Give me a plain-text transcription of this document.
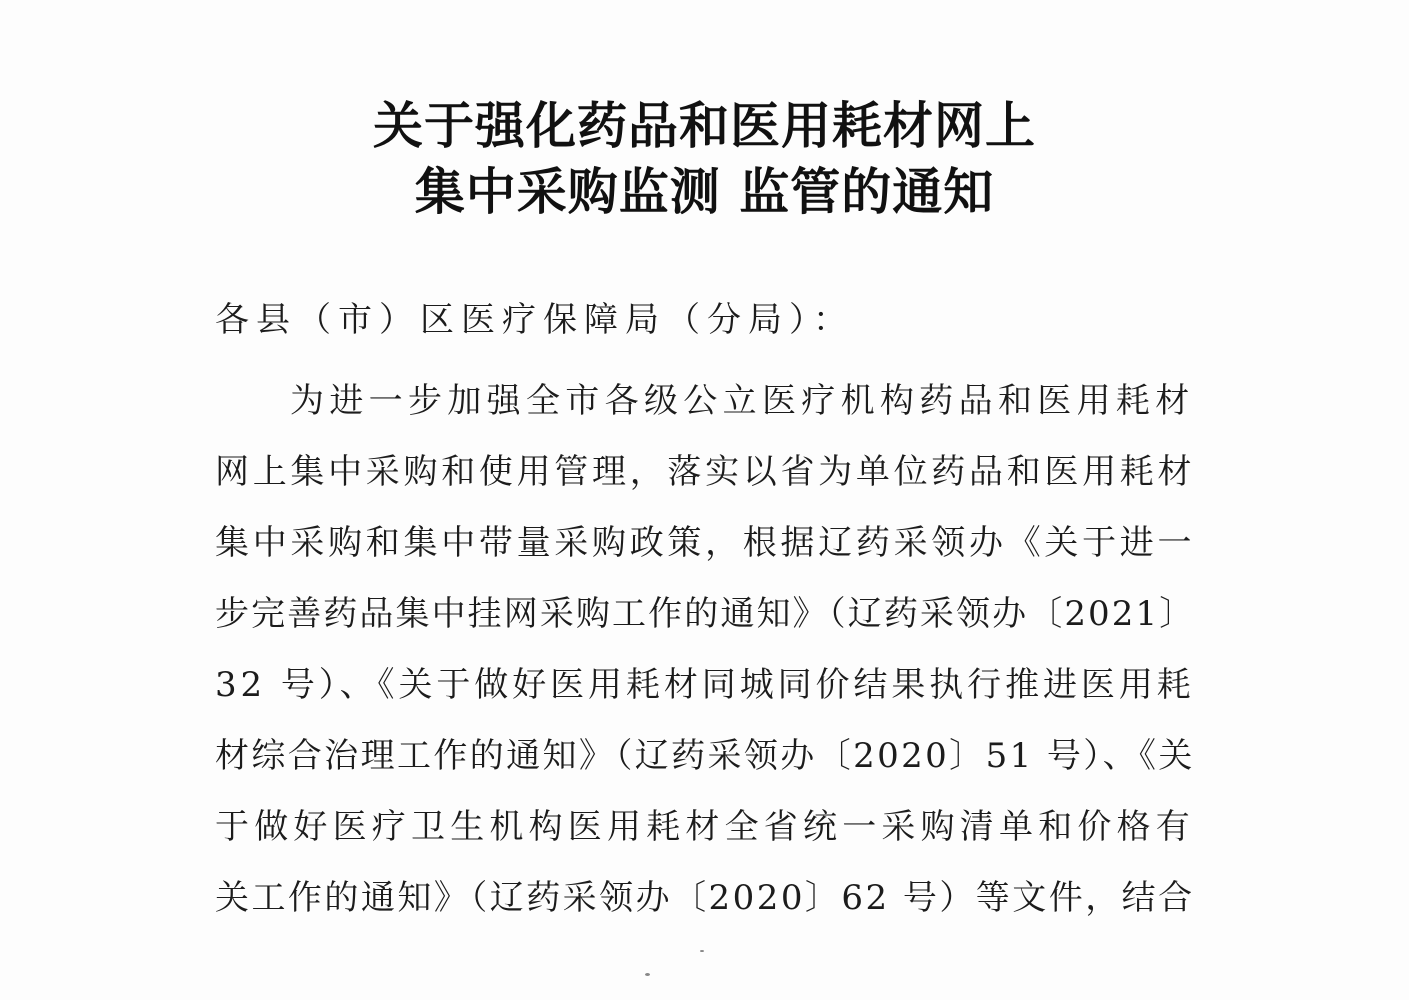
关于强化药品和医用耗材网上
集中采购监测 监管的通知
各县（市）区医疗保障局（分局）：
为进一步加强全市各级公立医疗机构药品和医用耗材
网上集中采购和使用管理，落实以省为单位药品和医用耗材
集中采购和集中带量采购政策，根据辽药采领办《关于进一
步完善药品集中挂网采购工作的通知》（辽药采领办〔2021〕
32 号）、《关于做好医用耗材同城同价结果执行推进医用耗
材综合治理工作的通知》（辽药采领办〔2020〕51 号）、《关
于做好医疗卫生机构医用耗材全省统一采购清单和价格有
关工作的通知》（辽药采领办〔2020〕62 号）等文件，结合
